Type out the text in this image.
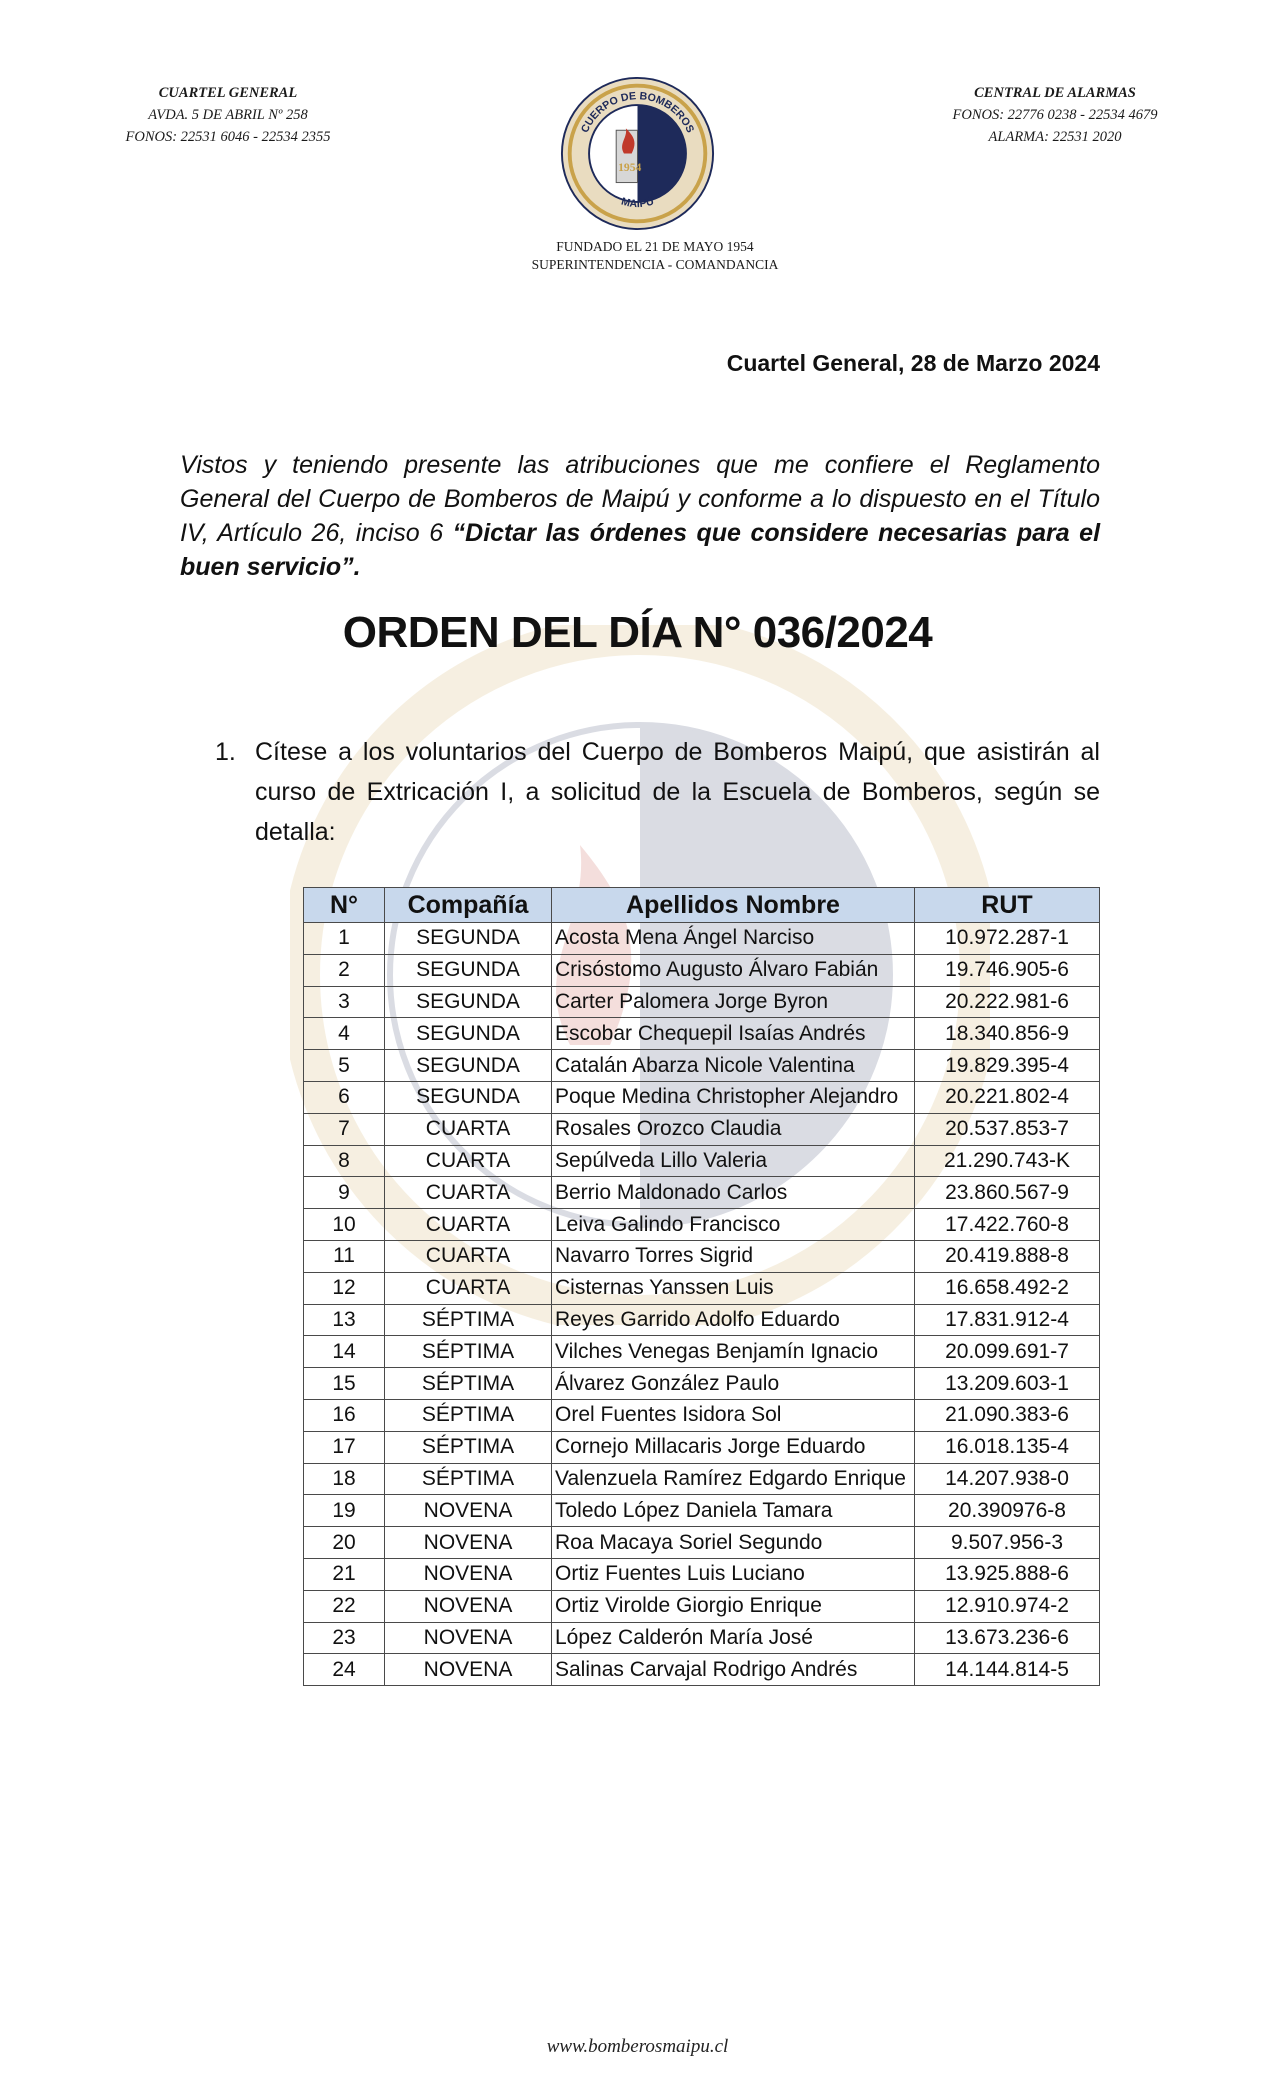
CUARTEL GENERAL
AVDA. 5 DE ABRIL Nº 258
FONOS: 22531 6046 - 22534 2355
1954
CUERPO DE BOMBEROS
MAIPÚ
CENTRAL DE ALARMAS
FONOS: 22776 0238 - 22534 4679
ALARMA: 22531 2020
FUNDADO EL 21 DE MAYO 1954
SUPERINTENDENCIA - COMANDANCIA
Cuartel General, 28 de Marzo 2024
Vistos y teniendo presente las atribuciones que me confiere el Reglamento General del Cuerpo de Bomberos de Maipú y conforme a lo dispuesto en el Título IV, Artículo 26, inciso 6 “Dictar las órdenes que considere necesarias para el buen servicio”.
ORDEN DEL DÍA N° 036/2024
1. Cítese a los voluntarios del Cuerpo de Bomberos Maipú, que asistirán al curso de Extricación I, a solicitud de la Escuela de Bomberos, según se detalla:
N°	Compañía	Apellidos Nombre	RUT
1	SEGUNDA	Acosta Mena Ángel Narciso	10.972.287-1
2	SEGUNDA	Crisóstomo Augusto Álvaro Fabián	19.746.905-6
3	SEGUNDA	Carter Palomera Jorge Byron	20.222.981-6
4	SEGUNDA	Escobar Chequepil Isaías Andrés	18.340.856-9
5	SEGUNDA	Catalán Abarza Nicole Valentina	19.829.395-4
6	SEGUNDA	Poque Medina Christopher Alejandro	20.221.802-4
7	CUARTA	Rosales Orozco Claudia	20.537.853-7
8	CUARTA	Sepúlveda Lillo Valeria	21.290.743-K
9	CUARTA	Berrio Maldonado Carlos	23.860.567-9
10	CUARTA	Leiva Galindo Francisco	17.422.760-8
11	CUARTA	Navarro Torres Sigrid	20.419.888-8
12	CUARTA	Cisternas Yanssen Luis	16.658.492-2
13	SÉPTIMA	Reyes Garrido Adolfo Eduardo	17.831.912-4
14	SÉPTIMA	Vilches Venegas Benjamín Ignacio	20.099.691-7
15	SÉPTIMA	Álvarez González Paulo	13.209.603-1
16	SÉPTIMA	Orel Fuentes Isidora Sol	21.090.383-6
17	SÉPTIMA	Cornejo Millacaris Jorge Eduardo	16.018.135-4
18	SÉPTIMA	Valenzuela Ramírez Edgardo Enrique	14.207.938-0
19	NOVENA	Toledo López Daniela Tamara	20.390976-8
20	NOVENA	Roa Macaya Soriel Segundo	9.507.956-3
21	NOVENA	Ortiz Fuentes Luis Luciano	13.925.888-6
22	NOVENA	Ortiz Virolde Giorgio Enrique	12.910.974-2
23	NOVENA	López Calderón María José	13.673.236-6
24	NOVENA	Salinas Carvajal Rodrigo Andrés	14.144.814-5
www.bomberosmaipu.cl
